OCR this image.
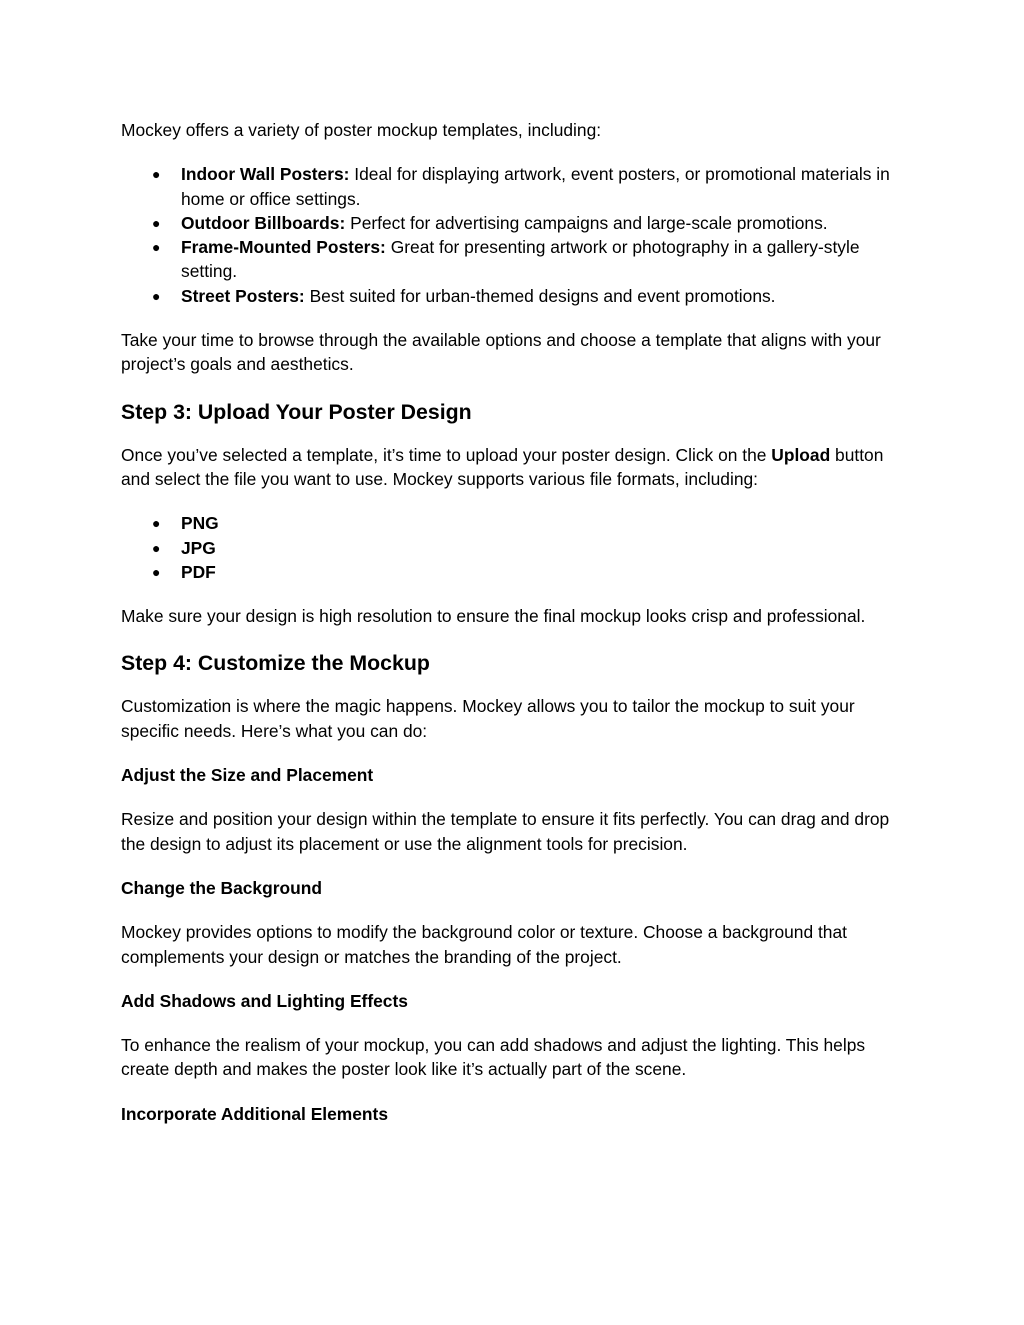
Mockey offers a variety of poster mockup templates, including:

● Indoor Wall Posters: Ideal for displaying artwork, event posters, or promotional materials in home or office settings.
● Outdoor Billboards: Perfect for advertising campaigns and large-scale promotions.
● Frame-Mounted Posters: Great for presenting artwork or photography in a gallery-style setting.
● Street Posters: Best suited for urban-themed designs and event promotions.

Take your time to browse through the available options and choose a template that aligns with your project’s goals and aesthetics.

Step 3: Upload Your Poster Design

Once you’ve selected a template, it’s time to upload your poster design. Click on the Upload button and select the file you want to use. Mockey supports various file formats, including:

● PNG
● JPG
● PDF

Make sure your design is high resolution to ensure the final mockup looks crisp and professional.

Step 4: Customize the Mockup

Customization is where the magic happens. Mockey allows you to tailor the mockup to suit your specific needs. Here’s what you can do:

Adjust the Size and Placement

Resize and position your design within the template to ensure it fits perfectly. You can drag and drop the design to adjust its placement or use the alignment tools for precision.

Change the Background

Mockey provides options to modify the background color or texture. Choose a background that complements your design or matches the branding of the project.

Add Shadows and Lighting Effects

To enhance the realism of your mockup, you can add shadows and adjust the lighting. This helps create depth and makes the poster look like it’s actually part of the scene.

Incorporate Additional Elements
